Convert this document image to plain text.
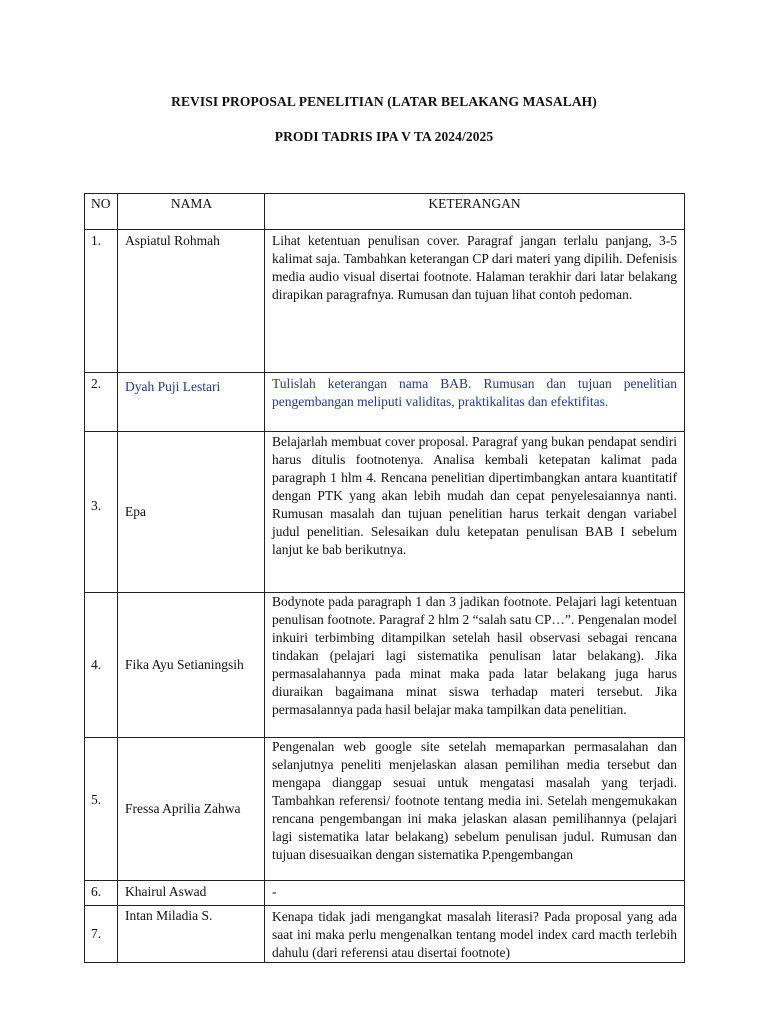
REVISI PROPOSAL PENELITIAN (LATAR BELAKANG MASALAH)
PRODI TADRIS IPA V TA 2024/2025
NO	NAMA	KETERANGAN
1.	Aspiatul Rohmah	Lihat ketentuan penulisan cover. Paragraf jangan terlalu panjang, 3-5 kalimat saja. Tambahkan keterangan CP dari materi yang dipilih. Defenisis media audio visual disertai footnote. Halaman terakhir dari latar belakang dirapikan paragrafnya. Rumusan dan tujuan lihat contoh pedoman.
2.	Dyah Puji Lestari	Tulislah keterangan nama BAB. Rumusan dan tujuan penelitian pengembangan meliputi validitas, praktikalitas dan efektifitas.
3.	Epa	Belajarlah membuat cover proposal. Paragraf yang bukan pendapat sendiri harus ditulis footnotenya. Analisa kembali ketepatan kalimat pada paragraph 1 hlm 4. Rencana penelitian dipertimbangkan antara kuantitatif dengan PTK yang akan lebih mudah dan cepat penyelesaiannya nanti. Rumusan masalah dan tujuan penelitian harus terkait dengan variabel judul penelitian. Selesaikan dulu ketepatan penulisan BAB I sebelum lanjut ke bab berikutnya.
4.	Fika Ayu Setianingsih	Bodynote pada paragraph 1 dan 3 jadikan footnote. Pelajari lagi ketentuan penulisan footnote. Paragraf 2 hlm 2 “salah satu CP…”. Pengenalan model inkuiri terbimbing ditampilkan setelah hasil observasi sebagai rencana tindakan (pelajari lagi sistematika penulisan latar belakang). Jika permasalahannya pada minat maka pada latar belakang juga harus diuraikan bagaimana minat siswa terhadap materi tersebut. Jika permasalannya pada hasil belajar maka tampilkan data penelitian.
5.	Fressa Aprilia Zahwa	Pengenalan web google site setelah memaparkan permasalahan dan selanjutnya peneliti menjelaskan alasan pemilihan media tersebut dan mengapa dianggap sesuai untuk mengatasi masalah yang terjadi. Tambahkan referensi/ footnote tentang media ini. Setelah mengemukakan rencana pengembangan ini maka jelaskan alasan pemilihannya (pelajari lagi sistematika latar belakang) sebelum penulisan judul. Rumusan dan tujuan disesuaikan dengan sistematika P.pengembangan
6.	Khairul Aswad	-
7.	Intan Miladia S.	Kenapa tidak jadi mengangkat masalah literasi? Pada proposal yang ada saat ini maka perlu mengenalkan tentang model index card macth terlebih dahulu (dari referensi atau disertai footnote)
